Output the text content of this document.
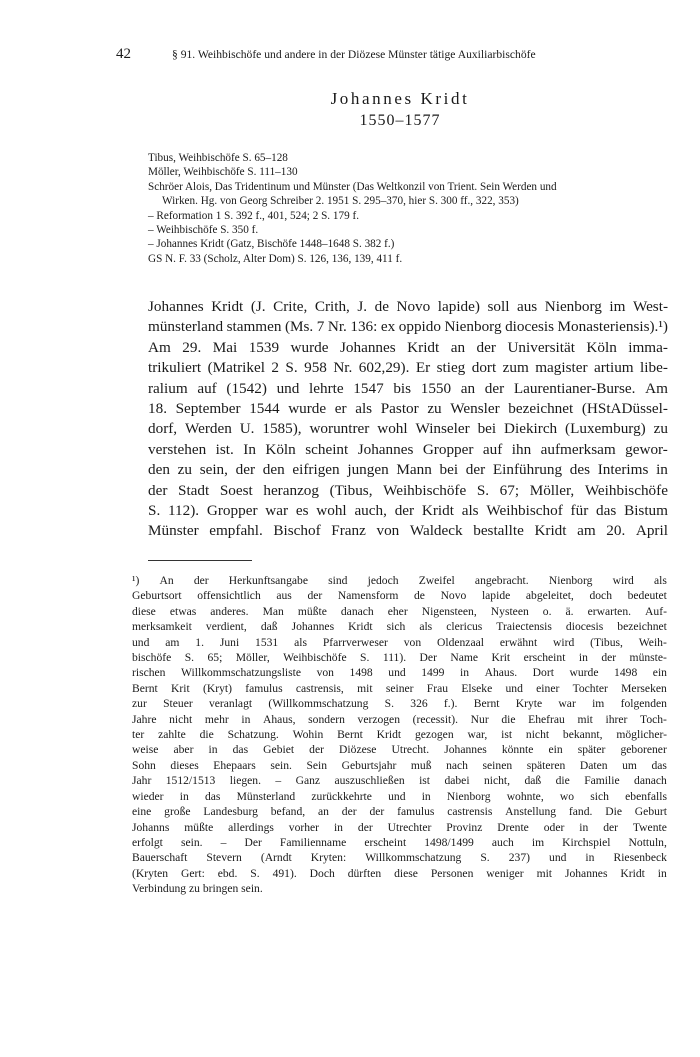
42	§ 91. Weihbischöfe und andere in der Diözese Münster tätige Auxiliarbischöfe
Johannes Kridt
1550–1577
Tibus, Weihbischöfe S. 65–128
Möller, Weihbischöfe S. 111–130
Schröer Alois, Das Tridentinum und Münster (Das Weltkonzil von Trient. Sein Werden und
Wirken. Hg. von Georg Schreiber 2. 1951 S. 295–370, hier S. 300 ff., 322, 353)
– Reformation 1 S. 392 f., 401, 524; 2 S. 179 f.
– Weihbischöfe S. 350 f.
– Johannes Kridt (Gatz, Bischöfe 1448–1648 S. 382 f.)
GS N. F. 33 (Scholz, Alter Dom) S. 126, 136, 139, 411 f.
Johannes Kridt (J. Crite, Crith, J. de Novo lapide) soll aus Nienborg im West-
münsterland stammen (Ms. 7 Nr. 136: ex oppido Nienborg diocesis Monasteriensis).¹)
Am 29. Mai 1539 wurde Johannes Kridt an der Universität Köln imma-
trikuliert (Matrikel 2 S. 958 Nr. 602,29). Er stieg dort zum magister artium libe-
ralium auf (1542) und lehrte 1547 bis 1550 an der Laurentianer-Burse. Am
18. September 1544 wurde er als Pastor zu Wensler bezeichnet (HStADüssel-
dorf, Werden U. 1585), woruntrer wohl Winseler bei Diekirch (Luxemburg) zu
verstehen ist. In Köln scheint Johannes Gropper auf ihn aufmerksam gewor-
den zu sein, der den eifrigen jungen Mann bei der Einführung des Interims in
der Stadt Soest heranzog (Tibus, Weihbischöfe S. 67; Möller, Weihbischöfe
S. 112). Gropper war es wohl auch, der Kridt als Weihbischof für das Bistum
Münster empfahl. Bischof Franz von Waldeck bestallte Kridt am 20. April
¹) An der Herkunftsangabe sind jedoch Zweifel angebracht. Nienborg wird als
Geburtsort offensichtlich aus der Namensform de Novo lapide abgeleitet, doch bedeutet
diese etwas anderes. Man müßte danach eher Nigensteen, Nysteen o. ä. erwarten. Auf-
merksamkeit verdient, daß Johannes Kridt sich als clericus Traiectensis diocesis bezeichnet
und am 1. Juni 1531 als Pfarrverweser von Oldenzaal erwähnt wird (Tibus, Weih-
bischöfe S. 65; Möller, Weihbischöfe S. 111). Der Name Krit erscheint in der münste-
rischen Willkommschatzungsliste von 1498 und 1499 in Ahaus. Dort wurde 1498 ein
Bernt Krit (Kryt) famulus castrensis, mit seiner Frau Elseke und einer Tochter Merseken
zur Steuer veranlagt (Willkommschatzung S. 326 f.). Bernt Kryte war im folgenden
Jahre nicht mehr in Ahaus, sondern verzogen (recessit). Nur die Ehefrau mit ihrer Toch-
ter zahlte die Schatzung. Wohin Bernt Kridt gezogen war, ist nicht bekannt, möglicher-
weise aber in das Gebiet der Diözese Utrecht. Johannes könnte ein später geborener
Sohn dieses Ehepaars sein. Sein Geburtsjahr muß nach seinen späteren Daten um das
Jahr 1512/1513 liegen. – Ganz auszuschließen ist dabei nicht, daß die Familie danach
wieder in das Münsterland zurückkehrte und in Nienborg wohnte, wo sich ebenfalls
eine große Landesburg befand, an der der famulus castrensis Anstellung fand. Die Geburt
Johanns müßte allerdings vorher in der Utrechter Provinz Drente oder in der Twente
erfolgt sein. – Der Familienname erscheint 1498/1499 auch im Kirchspiel Nottuln,
Bauerschaft Stevern (Arndt Kryten: Willkommschatzung S. 237) und in Riesenbeck
(Kryten Gert: ebd. S. 491). Doch dürften diese Personen weniger mit Johannes Kridt in
Verbindung zu bringen sein.
